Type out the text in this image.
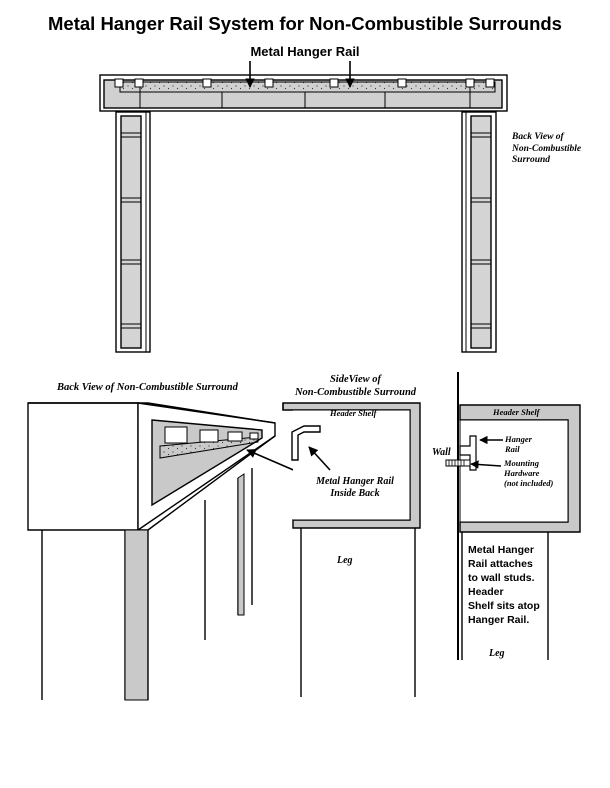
Metal Hanger Rail System for Non-Combustible Surrounds
Metal Hanger Rail
Back View of
Non-Combustible
Surround
Back View of Non-Combustible Surround
Metal Hanger Rail
Inside Back
SideView of
Non-Combustible Surround
Header Shelf
Leg
Header Shelf
Wall
Hanger
Rail
Mounting
Hardware
(not included)
Metal Hanger
Rail attaches
to wall studs.
Header
Shelf sits atop
Hanger Rail.
Leg
